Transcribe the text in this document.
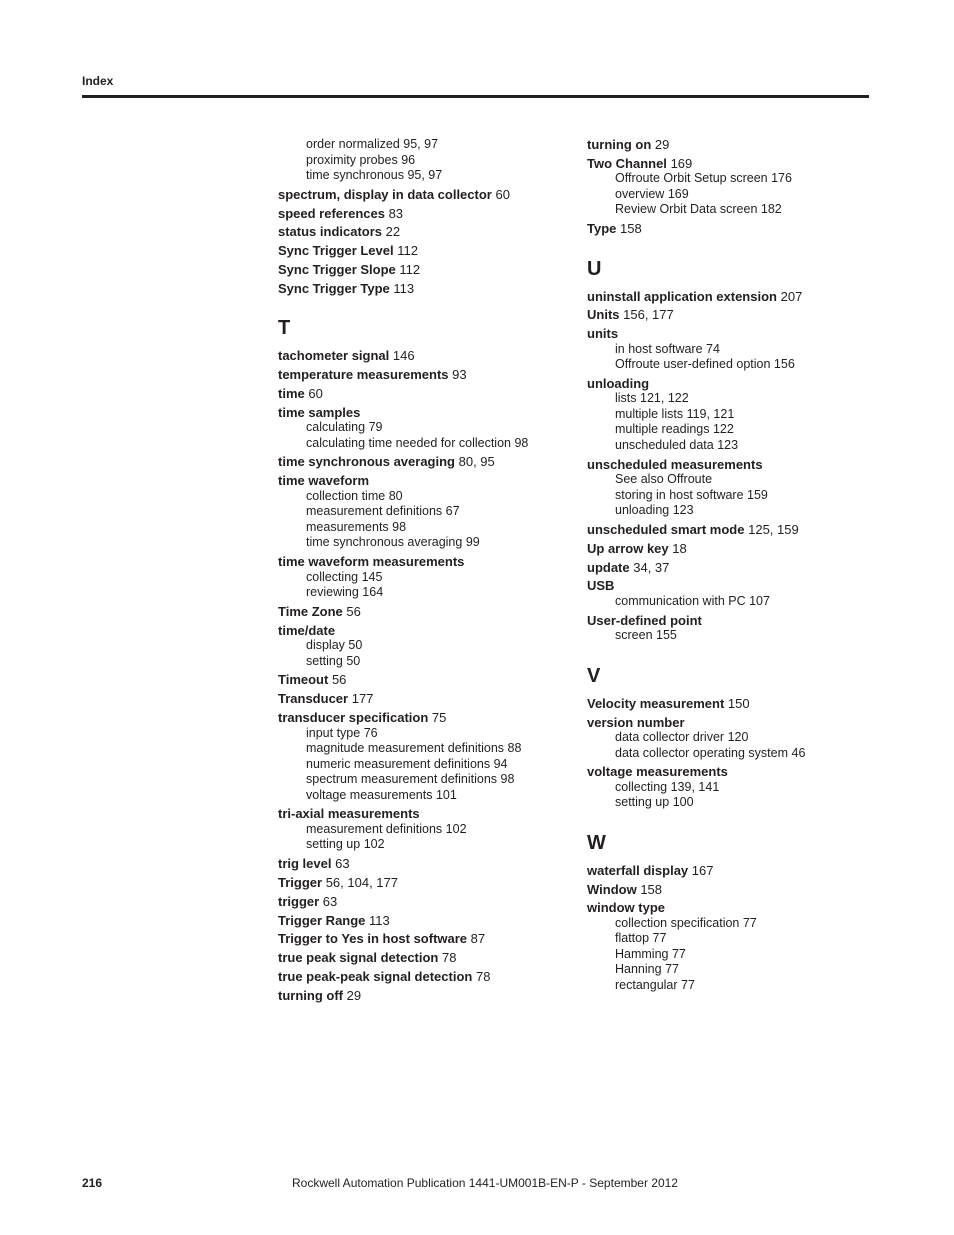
Index
order normalized 95, 97
proximity probes 96
time synchronous 95, 97
spectrum, display in data collector 60
speed references 83
status indicators 22
Sync Trigger Level 112
Sync Trigger Slope 112
Sync Trigger Type 113
T
tachometer signal 146
temperature measurements 93
time 60
time samples
calculating 79
calculating time needed for collection 98
time synchronous averaging 80, 95
time waveform
collection time 80
measurement definitions 67
measurements 98
time synchronous averaging 99
time waveform measurements
collecting 145
reviewing 164
Time Zone 56
time/date
display 50
setting 50
Timeout 56
Transducer 177
transducer specification 75
input type 76
magnitude measurement definitions 88
numeric measurement definitions 94
spectrum measurement definitions 98
voltage measurements 101
tri-axial measurements
measurement definitions 102
setting up 102
trig level 63
Trigger 56, 104, 177
trigger 63
Trigger Range 113
Trigger to Yes in host software 87
true peak signal detection 78
true peak-peak signal detection 78
turning off 29
turning on 29
Two Channel 169
Offroute Orbit Setup screen 176
overview 169
Review Orbit Data screen 182
Type 158
U
uninstall application extension 207
Units 156, 177
units
in host software 74
Offroute user-defined option 156
unloading
lists 121, 122
multiple lists 119, 121
multiple readings 122
unscheduled data 123
unscheduled measurements
See also Offroute
storing in host software 159
unloading 123
unscheduled smart mode 125, 159
Up arrow key 18
update 34, 37
USB
communication with PC 107
User-defined point
screen 155
V
Velocity measurement 150
version number
data collector driver 120
data collector operating system 46
voltage measurements
collecting 139, 141
setting up 100
W
waterfall display 167
Window 158
window type
collection specification 77
flattop 77
Hamming 77
Hanning 77
rectangular 77
216	Rockwell Automation Publication 1441-UM001B-EN-P - September 2012
